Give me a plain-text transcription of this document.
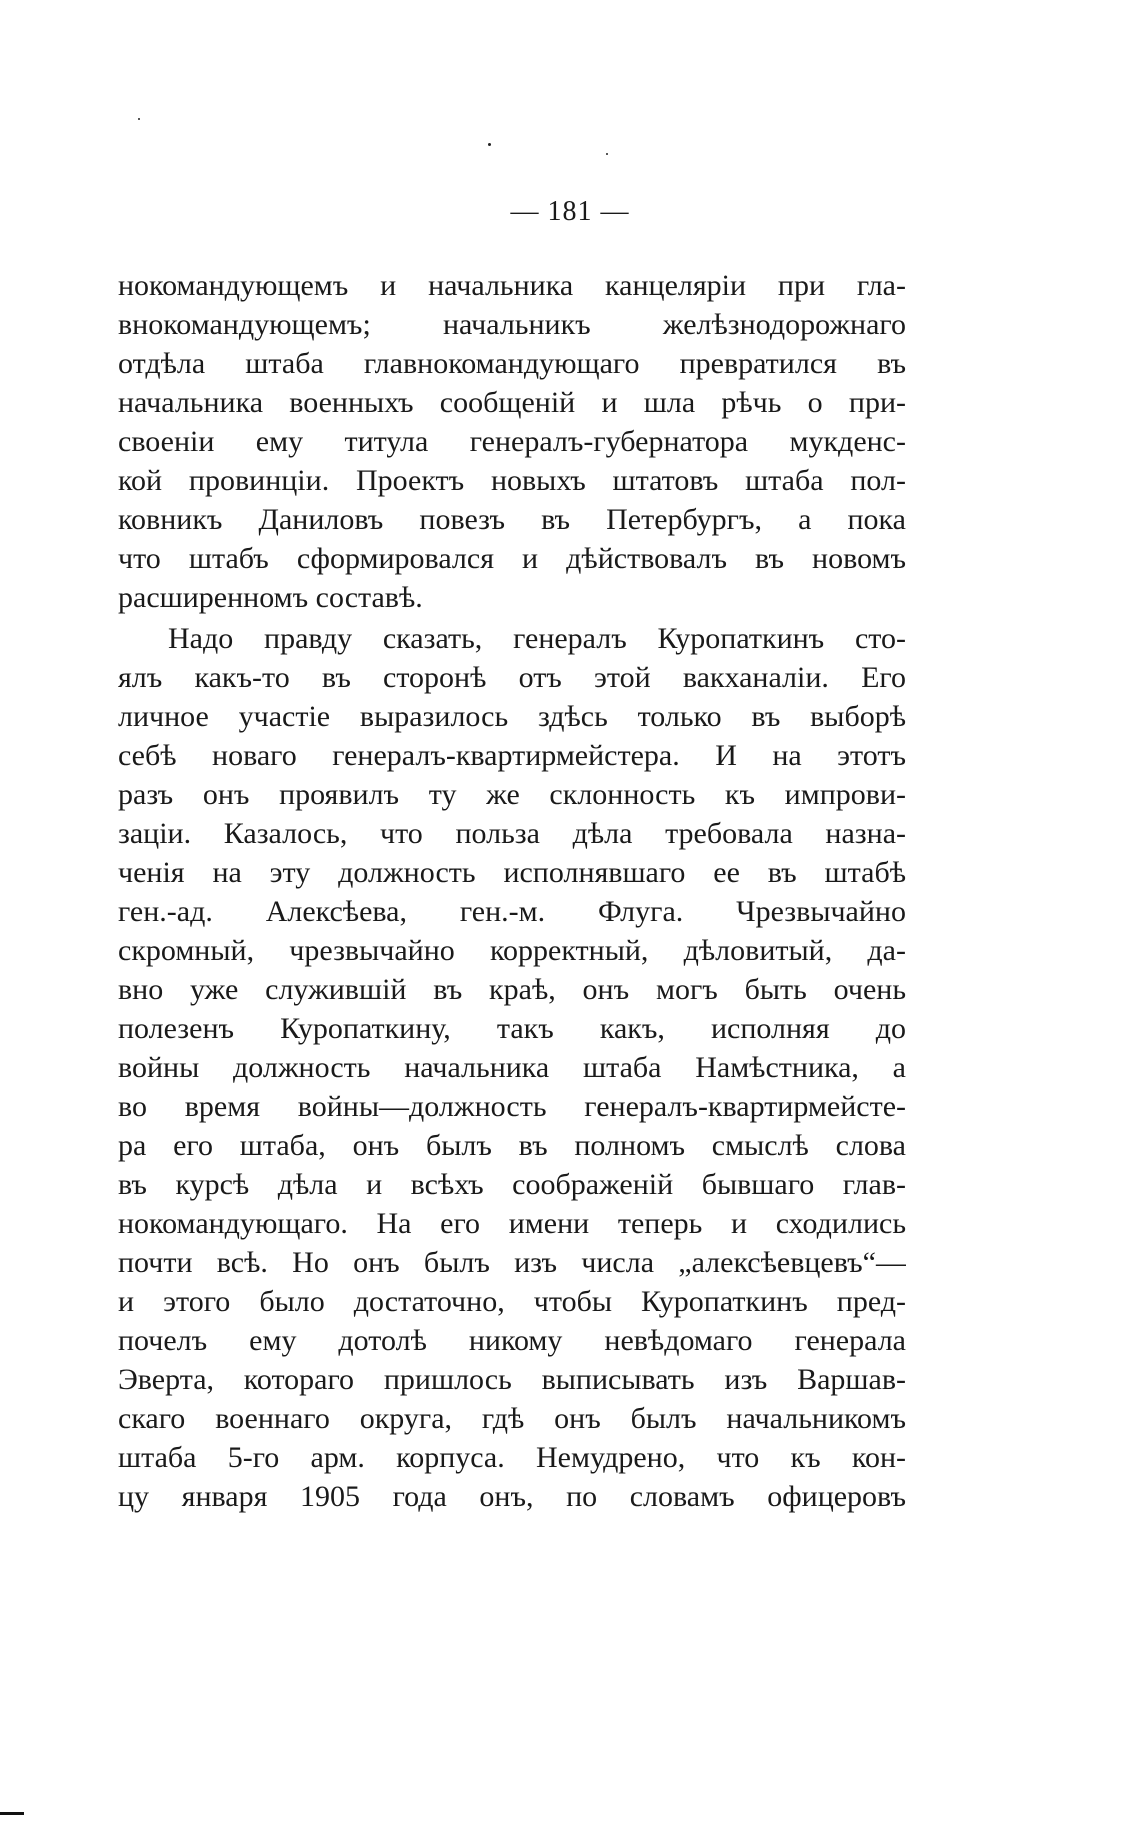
— 181 —
нокомандующемъ и начальника канцеляріи при гла-
внокомандующемъ; начальникъ желѣзнодорожнаго
отдѣла штаба главнокомандующаго превратился въ
начальника военныхъ сообщеній и шла рѣчь о при-
своеніи ему титула генералъ-губернатора мукденс-
кой провинціи. Проектъ новыхъ штатовъ штаба пол-
ковникъ Даниловъ повезъ въ Петербургъ, а пока
что штабъ сформировался и дѣйствовалъ въ новомъ
расширенномъ составѣ.
Надо правду сказать, генералъ Куропаткинъ сто-
ялъ какъ-то въ сторонѣ отъ этой вакханаліи. Его
личное участіе выразилось здѣсь только въ выборѣ
себѣ новаго генералъ-квартирмейстера. И на этотъ
разъ онъ проявилъ ту же склонность къ импрови-
заціи. Казалось, что польза дѣла требовала назна-
ченія на эту должность исполнявшаго ее въ штабѣ
ген.-ад. Алексѣева, ген.-м. Флуга. Чрезвычайно
скромный, чрезвычайно корректный, дѣловитый, да-
вно уже служившій въ краѣ, онъ могъ быть очень
полезенъ Куропаткину, такъ какъ, исполняя до
войны должность начальника штаба Намѣстника, а
во время войны—должность генералъ-квартирмейсте-
ра его штаба, онъ былъ въ полномъ смыслѣ слова
въ курсѣ дѣла и всѣхъ соображеній бывшаго глав-
нокомандующаго. На его имени теперь и сходились
почти всѣ. Но онъ былъ изъ числа „алексѣевцевъ“—
и этого было достаточно, чтобы Куропаткинъ пред-
почелъ ему дотолѣ никому невѣдомаго генерала
Эверта, котораго пришлось выписывать изъ Варшав-
скаго военнаго округа, гдѣ онъ былъ начальникомъ
штаба 5-го арм. корпуса. Немудрено, что къ кон-
цу января 1905 года онъ, по словамъ офицеровъ
